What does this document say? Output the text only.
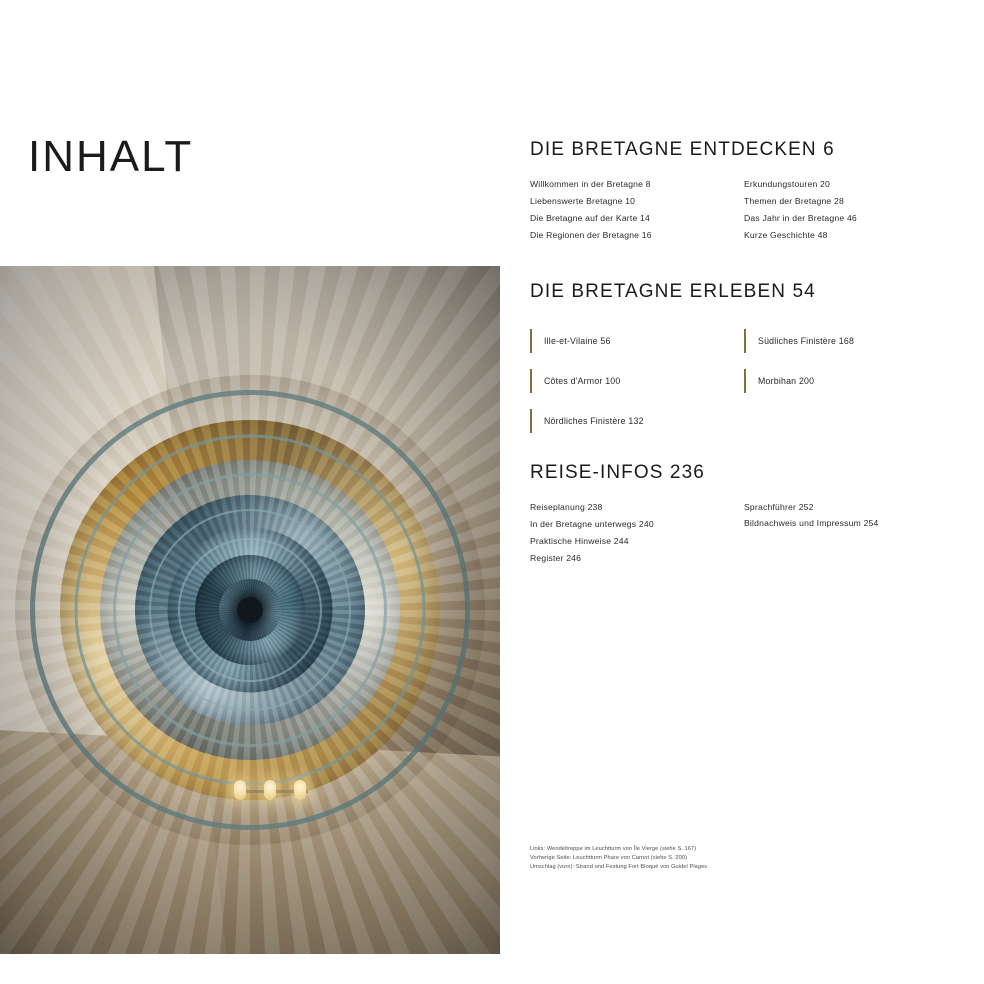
INHALT	DIE BRETAGNE ENTDECKEN 6
Willkommen in der Bretagne 8
Liebenswerte Bretagne 10
Die Bretagne auf der Karte 14
Die Regionen der Bretagne 16
Erkundungstouren 20
Themen der Bretagne 28
Das Jahr in der Bretagne 46
Kurze Geschichte 48
DIE BRETAGNE ERLEBEN 54
Ille-et-Vilaine
56
Côtes d'Armor
100
Nördliches Finistère
132
Südliches Finistère
168
Morbihan
200
REISE-INFOS 236
Reiseplanung 238
In der Bretagne unterwegs 240
Praktische Hinweise 244
Register 246
Sprachführer 252
Bildnachweis und Impressum 254
Links: Wendeltreppe im Leuchtturm von Île Vierge (siehe S. 167)
Vorherige Seite: Leuchtturm Phare von Carnot (siehe S. 200)
Umschlag (vorn): Strand und Festung Fort Bloqué von Guidel Plages
